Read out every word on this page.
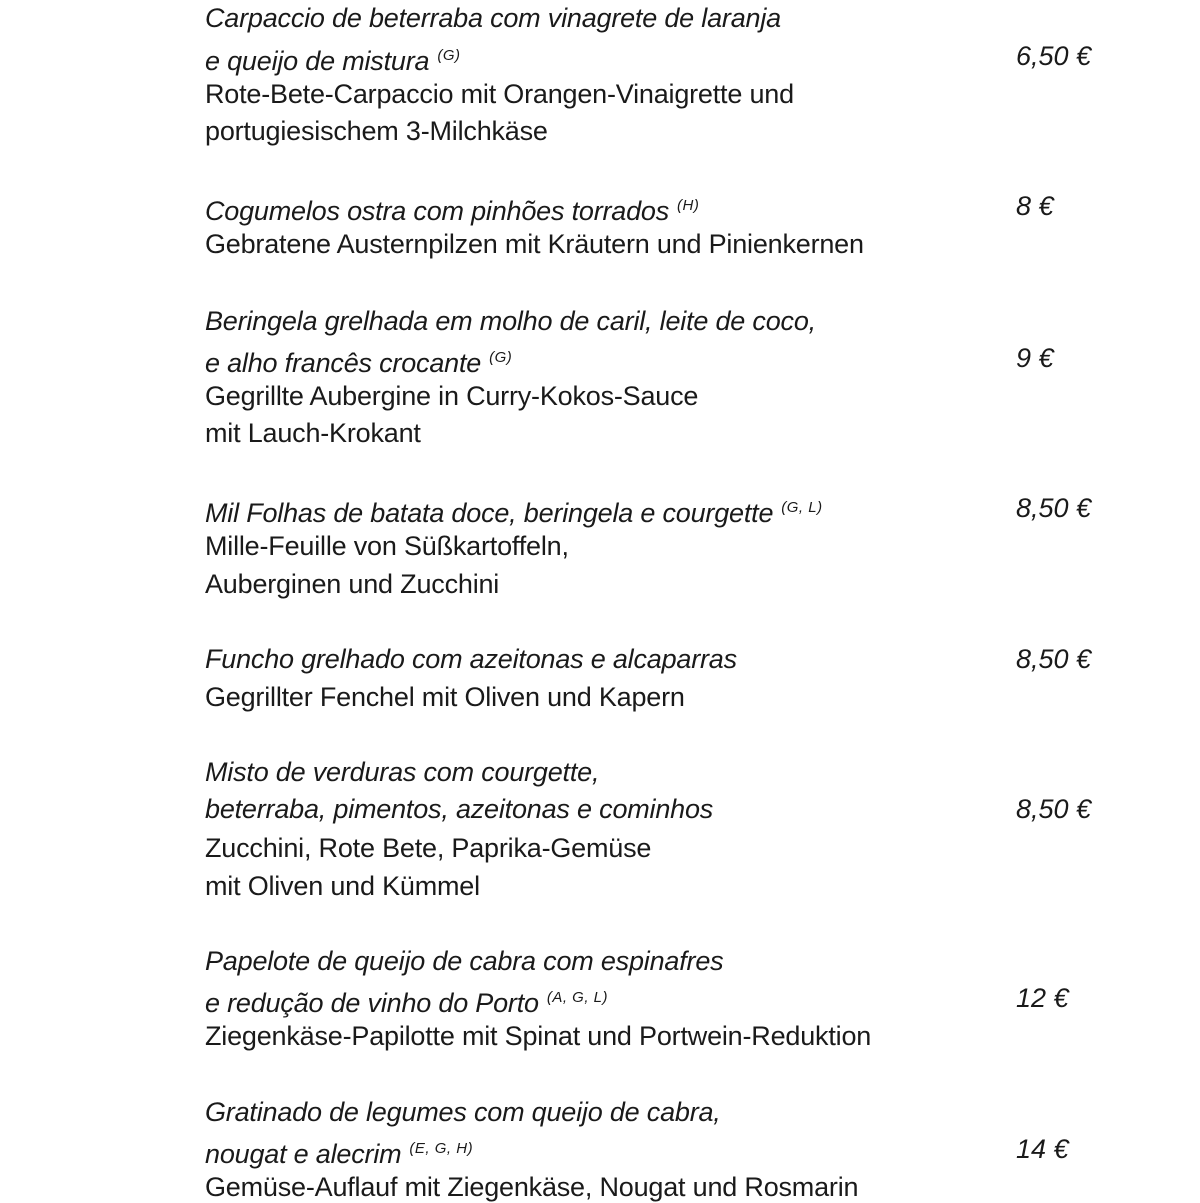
Carpaccio de beterraba com vinagrete de laranja
e queijo de mistura $^{(G)}$	6,50 €
Rote-Bete-Carpaccio mit Orangen-Vinaigrette und
portugiesischem 3-Milchkäse
Cogumelos ostra com pinhões torrados $^{(H)}$	8 €
Gebratene Austernpilzen mit Kräutern und Pinienkernen
Beringela grelhada em molho de caril, leite de coco,
e alho francês crocante $^{(G)}$	9 €
Gegrillte Aubergine in Curry-Kokos-Sauce
mit Lauch-Krokant
Mil Folhas de batata doce, beringela e courgette $^{(G, L)}$	8,50 €
Mille-Feuille von Süßkartoffeln,
Auberginen und Zucchini
Funcho grelhado com azeitonas e alcaparras	8,50 €
Gegrillter Fenchel mit Oliven und Kapern
Misto de verduras com courgette,
beterraba, pimentos, azeitonas e cominhos	8,50 €
Zucchini, Rote Bete, Paprika-Gemüse
mit Oliven und Kümmel
Papelote de queijo de cabra com espinafres
e redução de vinho do Porto $^{(A, G, L)}$	12 €
Ziegenkäse-Papilotte mit Spinat und Portwein-Reduktion
Gratinado de legumes com queijo de cabra,
nougat e alecrim $^{(E, G, H)}$	14 €
Gemüse-Auflauf mit Ziegenkäse, Nougat und Rosmarin
